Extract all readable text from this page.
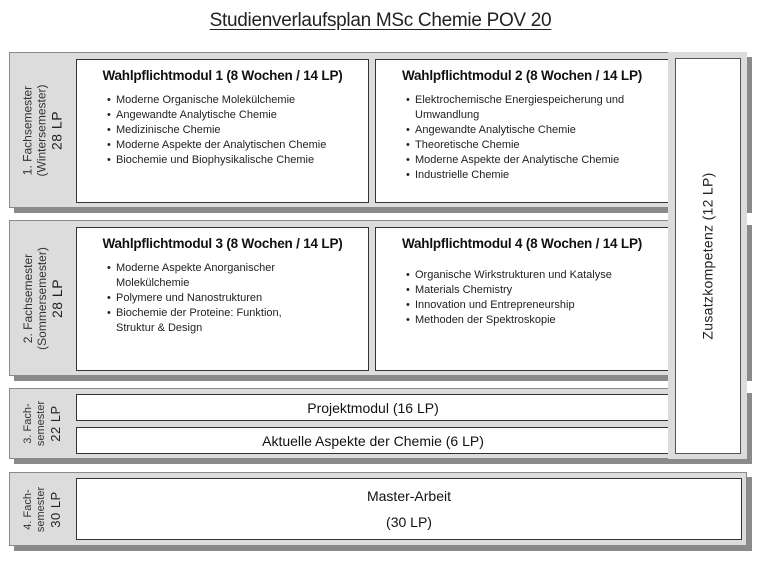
Studienverlaufsplan MSc Chemie POV 20
1. Fachsemester (Wintersemester) 28 LP
Wahlpflichtmodul 1 (8 Wochen / 14 LP)
• Moderne Organische Molekülchemie
• Angewandte Analytische Chemie
• Medizinische Chemie
• Moderne Aspekte der Analytischen Chemie
• Biochemie und Biophysikalische Chemie
Wahlpflichtmodul 2 (8 Wochen / 14 LP)
• Elektrochemische Energiespeicherung und Umwandlung
• Angewandte Analytische Chemie
• Theoretische Chemie
• Moderne Aspekte der Analytische Chemie
• Industrielle Chemie
2. Fachsemester (Sommersemester) 28 LP
Wahlpflichtmodul 3 (8 Wochen / 14 LP)
• Moderne Aspekte Anorganischer Molekülchemie
• Polymere und Nanostrukturen
• Biochemie der Proteine: Funktion, Struktur & Design
Wahlpflichtmodul 4 (8 Wochen / 14 LP)
• Organische Wirkstrukturen und Katalyse
• Materials Chemistry
• Innovation und Entrepreneurship
• Methoden der Spektroskopie
3. Fach- semester 22 LP	Projektmodul (16 LP)
Aktuelle Aspekte der Chemie (6 LP)
Zusatzkompetenz (12 LP)
4. Fach- semester 30 LP	Master-Arbeit
(30 LP)
